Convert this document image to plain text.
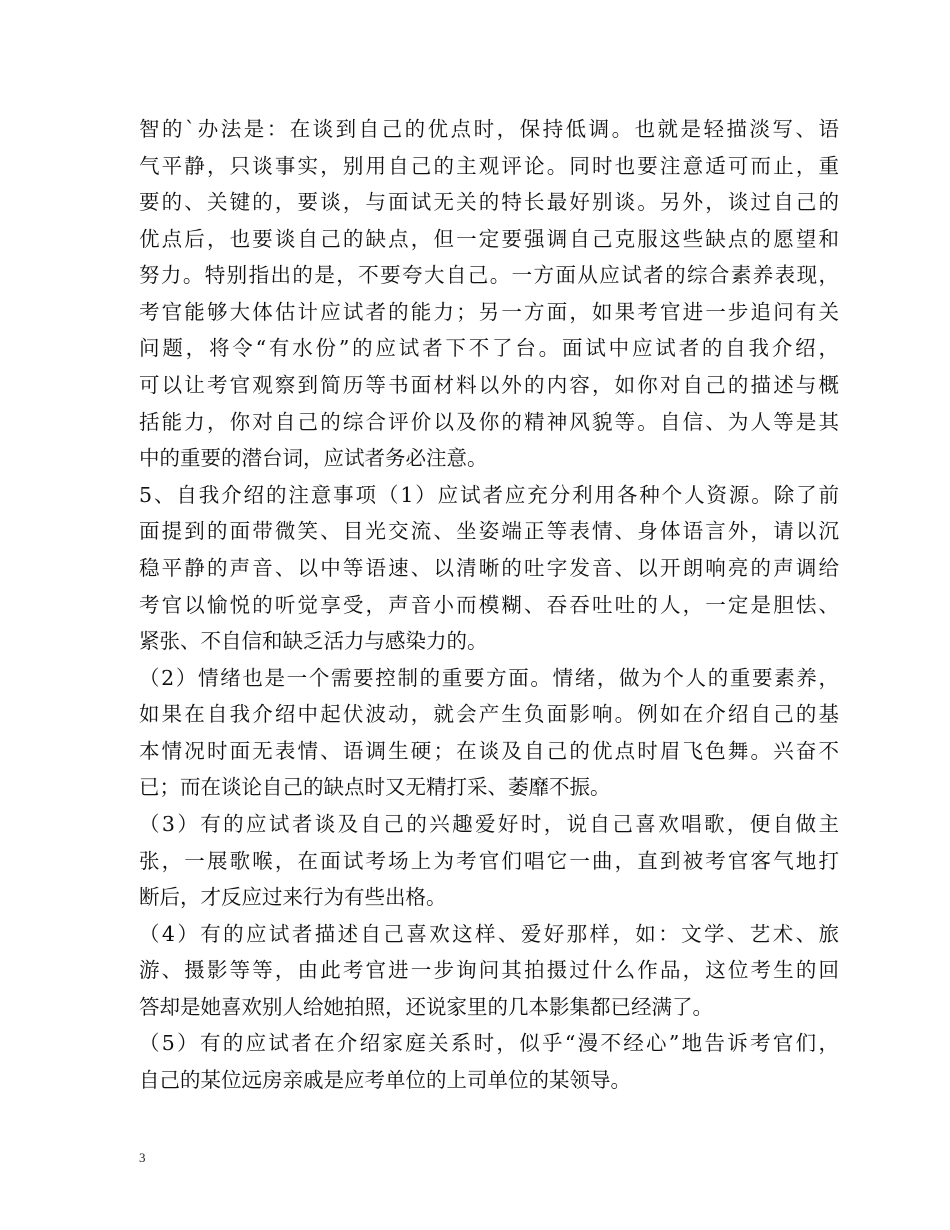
智的`办法是：在谈到自己的优点时，保持低调。也就是轻描淡写、语
气平静，只谈事实，别用自己的主观评论。同时也要注意适可而止，重
要的、关键的，要谈，与面试无关的特长最好别谈。另外，谈过自己的
优点后，也要谈自己的缺点，但一定要强调自己克服这些缺点的愿望和
努力。特别指出的是，不要夸大自己。一方面从应试者的综合素养表现，
考官能够大体估计应试者的能力；另一方面，如果考官进一步追问有关
问题，将令“有水份”的应试者下不了台。面试中应试者的自我介绍，
可以让考官观察到简历等书面材料以外的内容，如你对自己的描述与概
括能力，你对自己的综合评价以及你的精神风貌等。自信、为人等是其
中的重要的潜台词，应试者务必注意。
5、自我介绍的注意事项（1）应试者应充分利用各种个人资源。除了前
面提到的面带微笑、目光交流、坐姿端正等表情、身体语言外，请以沉
稳平静的声音、以中等语速、以清晰的吐字发音、以开朗响亮的声调给
考官以愉悦的听觉享受，声音小而模糊、吞吞吐吐的人，一定是胆怯、
紧张、不自信和缺乏活力与感染力的。
（2）情绪也是一个需要控制的重要方面。情绪，做为个人的重要素养，
如果在自我介绍中起伏波动，就会产生负面影响。例如在介绍自己的基
本情况时面无表情、语调生硬；在谈及自己的优点时眉飞色舞。兴奋不
已；而在谈论自己的缺点时又无精打采、萎靡不振。
（3）有的应试者谈及自己的兴趣爱好时，说自己喜欢唱歌，便自做主
张，一展歌喉，在面试考场上为考官们唱它一曲，直到被考官客气地打
断后，才反应过来行为有些出格。
（4）有的应试者描述自己喜欢这样、爱好那样，如：文学、艺术、旅
游、摄影等等，由此考官进一步询问其拍摄过什么作品，这位考生的回
答却是她喜欢别人给她拍照，还说家里的几本影集都已经满了。
（5）有的应试者在介绍家庭关系时，似乎“漫不经心”地告诉考官们，
自己的某位远房亲戚是应考单位的上司单位的某领导。
3
